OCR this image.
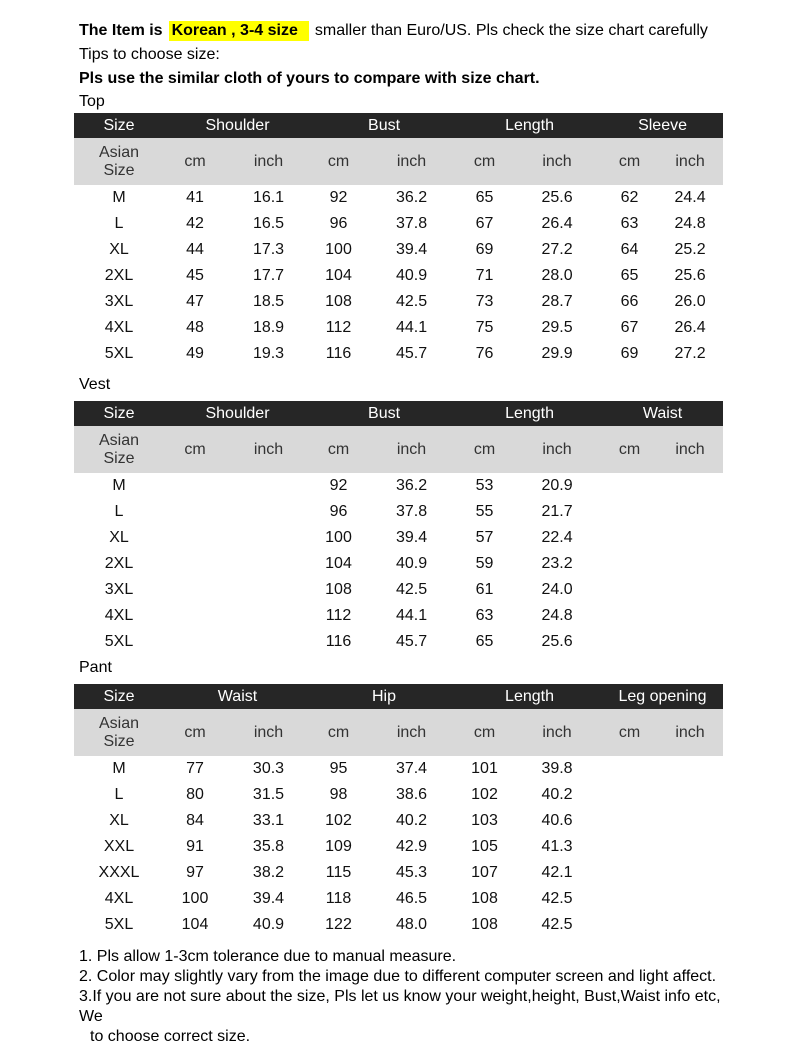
The Item is Korean , 3-4 size smaller than Euro/US. Pls check the size chart carefully
Tips to choose size:
Pls use the similar cloth of yours to compare with size chart.
Top
Size	Shoulder		Bust		Length		Sleeve	

Asian
Size	cm	inch	cm	inch	cm	inch	cm	inch
M	41	16.1	92	36.2	65	25.6	62	24.4
L	42	16.5	96	37.8	67	26.4	63	24.8
XL	44	17.3	100	39.4	69	27.2	64	25.2
2XL	45	17.7	104	40.9	71	28.0	65	25.6
3XL	47	18.5	108	42.5	73	28.7	66	26.0
4XL	48	18.9	112	44.1	75	29.5	67	26.4
5XL	49	19.3	116	45.7	76	29.9	69	27.2
Vest
Size	Shoulder		Bust		Length		Waist	

Asian
Size	cm	inch	cm	inch	cm	inch	cm	inch
M			92	36.2	53	20.9		
L			96	37.8	55	21.7		
XL			100	39.4	57	22.4		
2XL			104	40.9	59	23.2		
3XL			108	42.5	61	24.0		
4XL			112	44.1	63	24.8		
5XL			116	45.7	65	25.6		
Pant
Size	Waist		Hip		Length		Leg opening	

Asian
Size	cm	inch	cm	inch	cm	inch	cm	inch
M	77	30.3	95	37.4	101	39.8		
L	80	31.5	98	38.6	102	40.2		
XL	84	33.1	102	40.2	103	40.6		
XXL	91	35.8	109	42.9	105	41.3		
XXXL	97	38.2	115	45.3	107	42.1		
4XL	100	39.4	118	46.5	108	42.5		
5XL	104	40.9	122	48.0	108	42.5		
1. Pls allow 1-3cm tolerance due to manual measure.
2. Color may slightly vary from the image due to different computer screen and light affect.
3.If you are not sure about the size, Pls let us know your weight,height, Bust,Waist info etc, We
to choose correct size.
